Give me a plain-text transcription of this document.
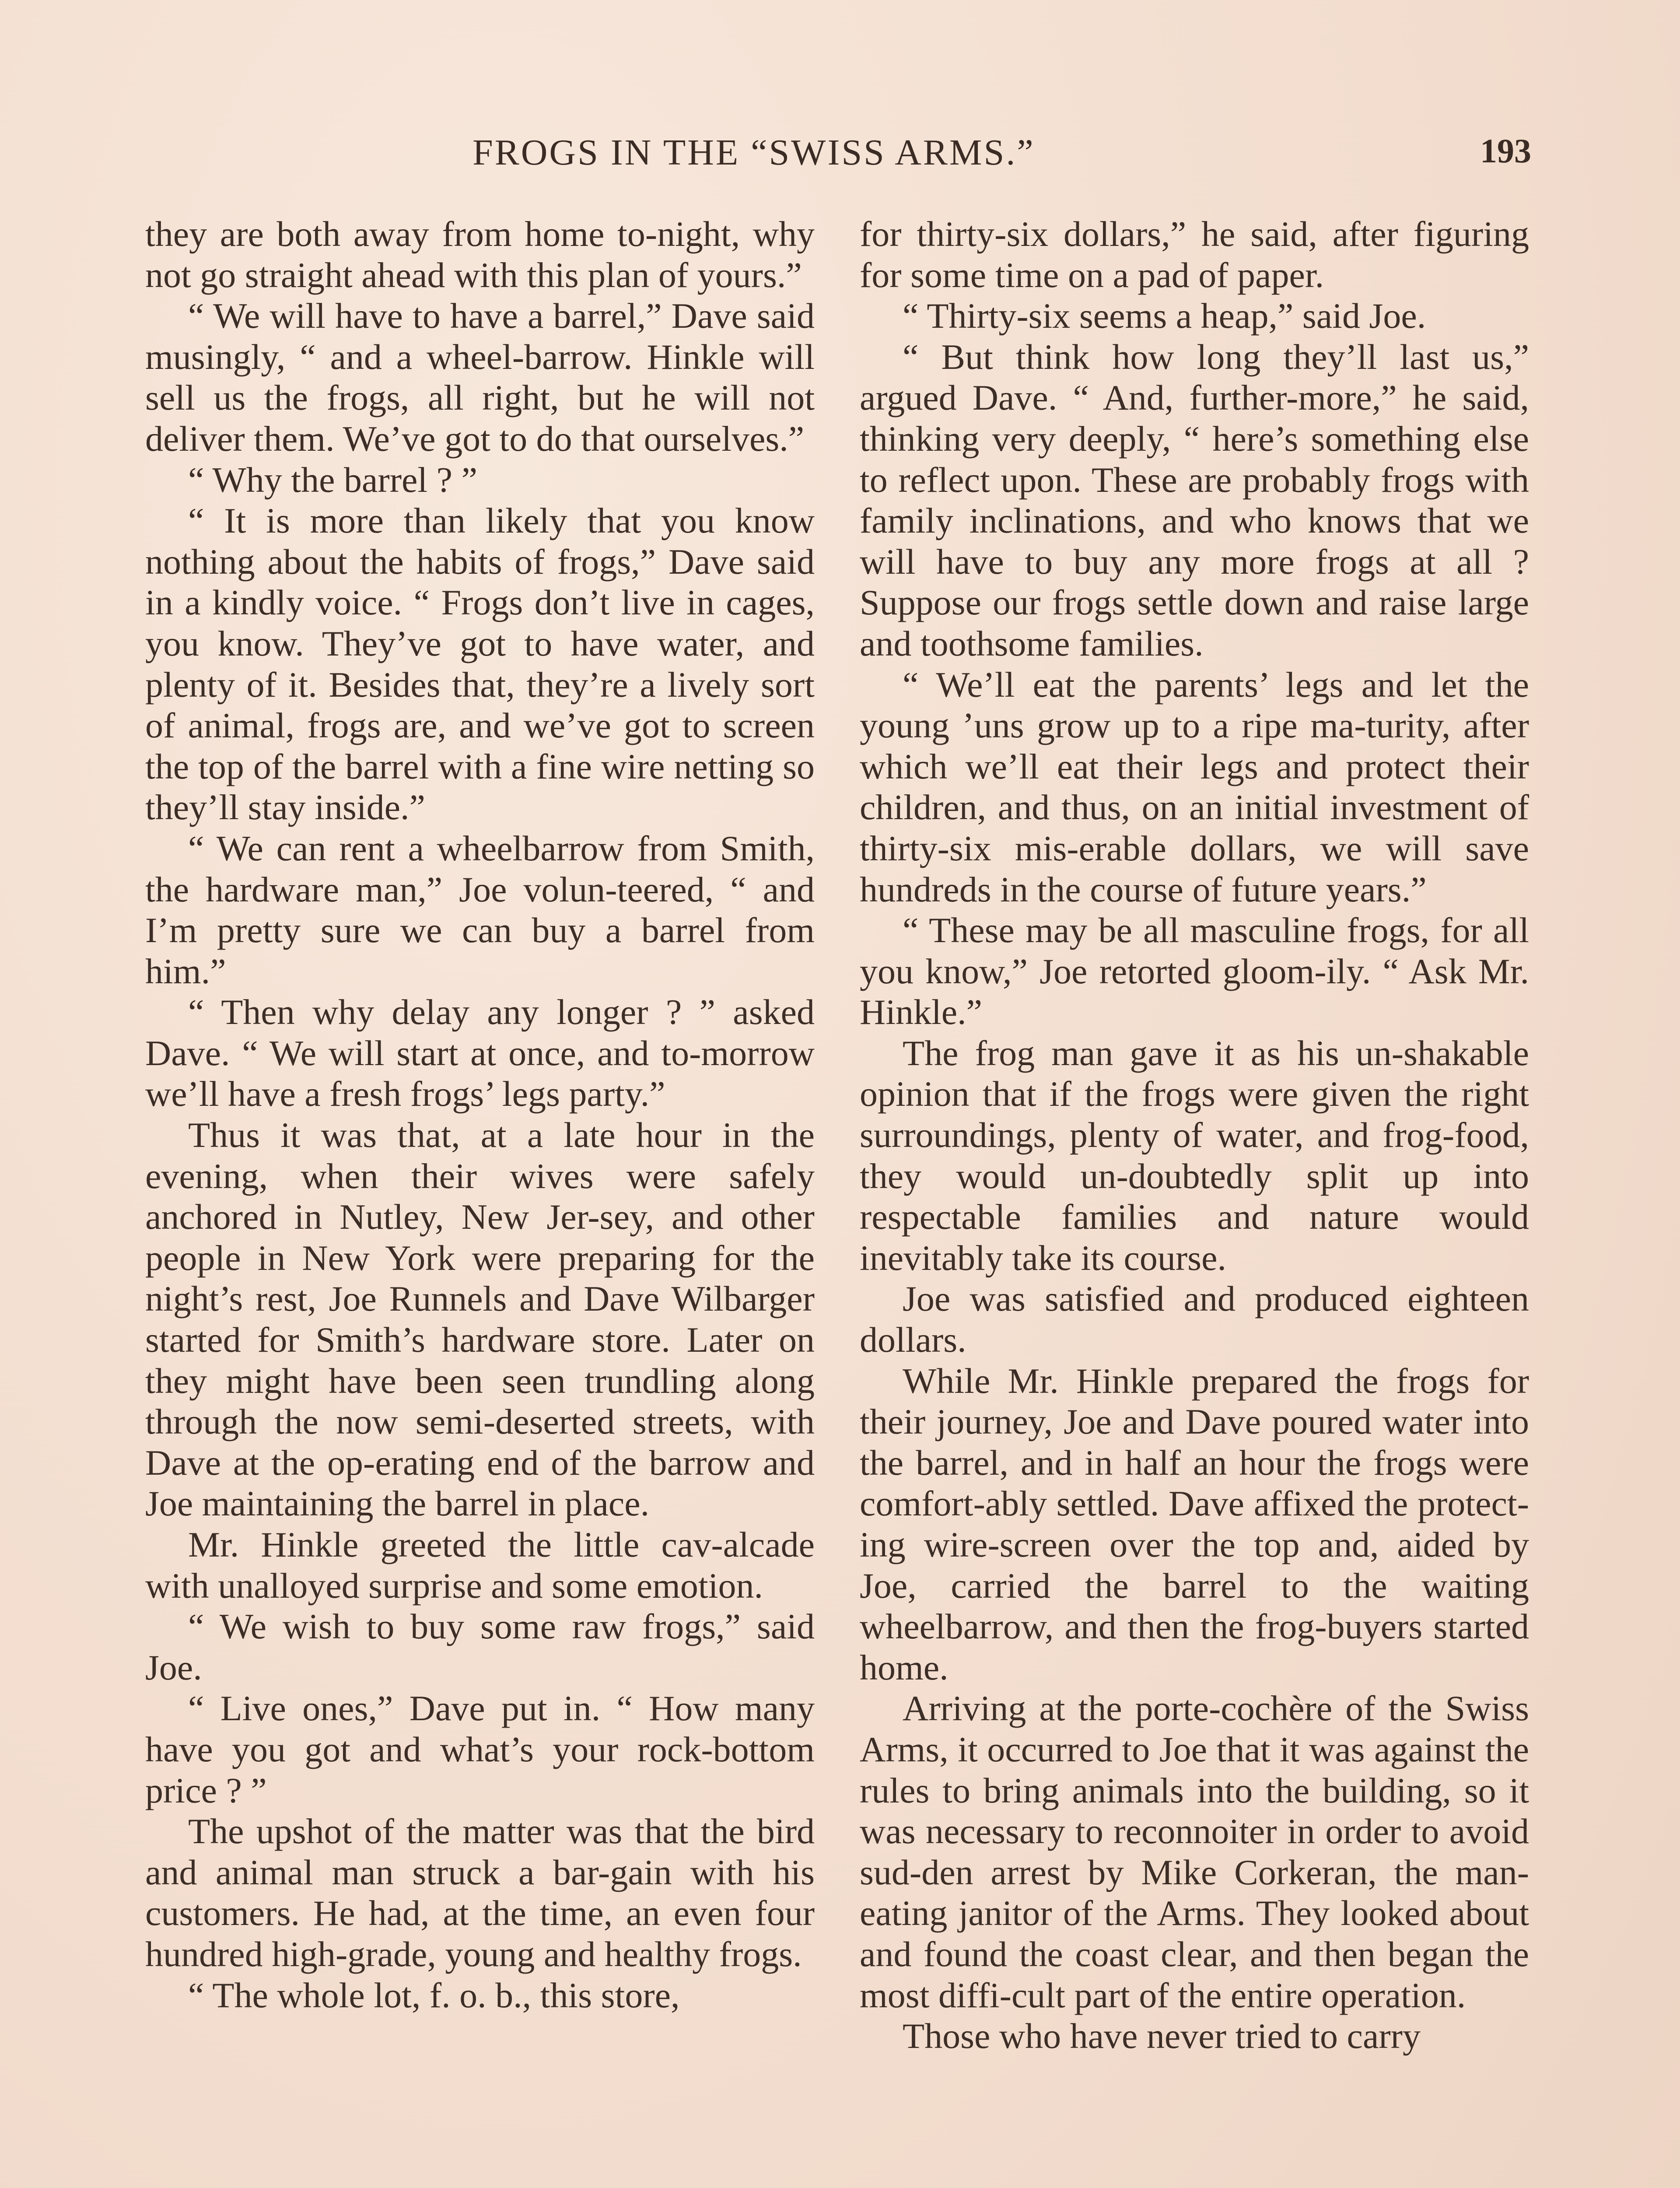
FROGS IN THE “SWISS ARMS.”	193

they are both away from home to-night, why not go straight ahead with this plan of yours.”

“ We will have to have a barrel,” Dave said musingly, “ and a wheel-barrow. Hinkle will sell us the frogs, all right, but he will not deliver them. We’ve got to do that ourselves.”

“ Why the barrel ? ”

“ It is more than likely that you know nothing about the habits of frogs,” Dave said in a kindly voice. “ Frogs don’t live in cages, you know. They’ve got to have water, and plenty of it. Besides that, they’re a lively sort of animal, frogs are, and we’ve got to screen the top of the barrel with a fine wire netting so they’ll stay inside.”

“ We can rent a wheelbarrow from Smith, the hardware man,” Joe volun-teered, “ and I’m pretty sure we can buy a barrel from him.”

“ Then why delay any longer ? ” asked Dave. “ We will start at once, and to-morrow we’ll have a fresh frogs’ legs party.”

Thus it was that, at a late hour in the evening, when their wives were safely anchored in Nutley, New Jer-sey, and other people in New York were preparing for the night’s rest, Joe Runnels and Dave Wilbarger started for Smith’s hardware store. Later on they might have been seen trundling along through the now semi-deserted streets, with Dave at the op-erating end of the barrow and Joe maintaining the barrel in place.

Mr. Hinkle greeted the little cav-alcade with unalloyed surprise and some emotion.

“ We wish to buy some raw frogs,” said Joe.

“ Live ones,” Dave put in. “ How many have you got and what’s your rock-bottom price ? ”

The upshot of the matter was that the bird and animal man struck a bar-gain with his customers. He had, at the time, an even four hundred high-grade, young and healthy frogs.

“ The whole lot, f. o. b., this store,

for thirty-six dollars,” he said, after figuring for some time on a pad of paper.

“ Thirty-six seems a heap,” said Joe.

“ But think how long they’ll last us,” argued Dave. “ And, further-more,” he said, thinking very deeply, “ here’s something else to reflect upon. These are probably frogs with family inclinations, and who knows that we will have to buy any more frogs at all ? Suppose our frogs settle down and raise large and toothsome families.

“ We’ll eat the parents’ legs and let the young ’uns grow up to a ripe ma-turity, after which we’ll eat their legs and protect their children, and thus, on an initial investment of thirty-six mis-erable dollars, we will save hundreds in the course of future years.”

“ These may be all masculine frogs, for all you know,” Joe retorted gloom-ily. “ Ask Mr. Hinkle.”

The frog man gave it as his un-shakable opinion that if the frogs were given the right surroundings, plenty of water, and frog-food, they would un-doubtedly split up into respectable families and nature would inevitably take its course.

Joe was satisfied and produced eighteen dollars.

While Mr. Hinkle prepared the frogs for their journey, Joe and Dave poured water into the barrel, and in half an hour the frogs were comfort-ably settled. Dave affixed the protect-ing wire-screen over the top and, aided by Joe, carried the barrel to the waiting wheelbarrow, and then the frog-buyers started home.

Arriving at the porte-cochère of the Swiss Arms, it occurred to Joe that it was against the rules to bring animals into the building, so it was necessary to reconnoiter in order to avoid sud-den arrest by Mike Corkeran, the man-eating janitor of the Arms. They looked about and found the coast clear, and then began the most diffi-cult part of the entire operation.

Those who have never tried to carry
